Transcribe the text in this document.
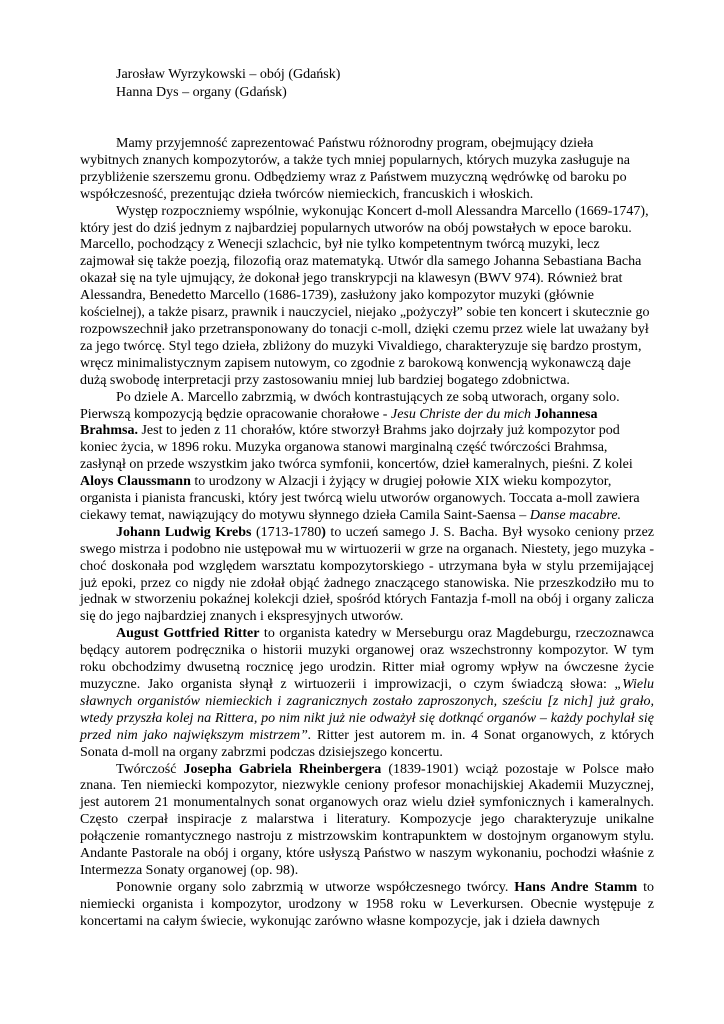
Jarosław Wyrzykowski – obój (Gdańsk)
Hanna Dys – organy (Gdańsk)

Mamy przyjemność zaprezentować Państwu różnorodny program, obejmujący dzieła wybitnych znanych kompozytorów, a także tych mniej popularnych, których muzyka zasługuje na przybliżenie szerszemu gronu. Odbędziemy wraz z Państwem muzyczną wędrówkę od baroku po współczesność, prezentując dzieła twórców niemieckich, francuskich i włoskich.

Występ rozpoczniemy wspólnie, wykonując Koncert d-moll Alessandra Marcello (1669-1747), który jest do dziś jednym z najbardziej popularnych utworów na obój powstałych w epoce baroku. Marcello, pochodzący z Wenecji szlachcic, był nie tylko kompetentnym twórcą muzyki, lecz zajmował się także poezją, filozofią oraz matematyką. Utwór dla samego Johanna Sebastiana Bacha okazał się na tyle ujmujący, że dokonał jego transkrypcji na klawesyn (BWV 974). Również brat Alessandra, Benedetto Marcello (1686-1739), zasłużony jako kompozytor muzyki (głównie kościelnej), a także pisarz, prawnik i nauczyciel, niejako „pożyczył” sobie ten koncert i skutecznie go rozpowszechnił jako przetransponowany do tonacji c-moll, dzięki czemu przez wiele lat uważany był za jego twórcę. Styl tego dzieła, zbliżony do muzyki Vivaldiego, charakteryzuje się bardzo prostym, wręcz minimalistycznym zapisem nutowym, co zgodnie z barokową konwencją wykonawczą daje dużą swobodę interpretacji przy zastosowaniu mniej lub bardziej bogatego zdobnictwa.

Po dziele A. Marcello zabrzmią, w dwóch kontrastujących ze sobą utworach, organy solo. Pierwszą kompozycją będzie opracowanie chorałowe - Jesu Christe der du mich Johannesa Brahmsa. Jest to jeden z 11 chorałów, które stworzył Brahms jako dojrzały już kompozytor pod koniec życia, w 1896 roku. Muzyka organowa stanowi marginalną część twórczości Brahmsa, zasłynął on przede wszystkim jako twórca symfonii, koncertów, dzieł kameralnych, pieśni. Z kolei Aloys Claussmann to urodzony w Alzacji i żyjący w drugiej połowie XIX wieku kompozytor, organista i pianista francuski, który jest twórcą wielu utworów organowych. Toccata a-moll zawiera ciekawy temat, nawiązujący do motywu słynnego dzieła Camila Saint-Saensa – Danse macabre.

Johann Ludwig Krebs (1713-1780) to uczeń samego J. S. Bacha. Był wysoko ceniony przez swego mistrza i podobno nie ustępował mu w wirtuozerii w grze na organach. Niestety, jego muzyka - choć doskonała pod względem warsztatu kompozytorskiego - utrzymana była w stylu przemijającej już epoki, przez co nigdy nie zdołał objąć żadnego znaczącego stanowiska. Nie przeszkodziło mu to jednak w stworzeniu pokaźnej kolekcji dzieł, spośród których Fantazja f-moll na obój i organy zalicza się do jego najbardziej znanych i ekspresyjnych utworów.

August Gottfried Ritter to organista katedry w Merseburgu oraz Magdeburgu, rzeczoznawca będący autorem podręcznika o historii muzyki organowej oraz wszechstronny kompozytor. W tym roku obchodzimy dwusetną rocznicę jego urodzin. Ritter miał ogromy wpływ na ówczesne życie muzyczne. Jako organista słynął z wirtuozerii i improwizacji, o czym świadczą słowa: „Wielu sławnych organistów niemieckich i zagranicznych zostało zaproszonych, sześciu [z nich] już grało, wtedy przyszła kolej na Rittera, po nim nikt już nie odważył się dotknąć organów – każdy pochylał się przed nim jako największym mistrzem”. Ritter jest autorem m. in. 4 Sonat organowych, z których Sonata d-moll na organy zabrzmi podczas dzisiejszego koncertu.

Twórczość Josepha Gabriela Rheinbergera (1839-1901) wciąż pozostaje w Polsce mało znana. Ten niemiecki kompozytor, niezwykle ceniony profesor monachijskiej Akademii Muzycznej, jest autorem 21 monumentalnych sonat organowych oraz wielu dzieł symfonicznych i kameralnych. Często czerpał inspiracje z malarstwa i literatury. Kompozycje jego charakteryzuje unikalne połączenie romantycznego nastroju z mistrzowskim kontrapunktem w dostojnym organowym stylu. Andante Pastorale na obój i organy, które usłyszą Państwo w naszym wykonaniu, pochodzi właśnie z Intermezza Sonaty organowej (op. 98).

Ponownie organy solo zabrzmią w utworze współczesnego twórcy. Hans Andre Stamm to niemiecki organista i kompozytor, urodzony w 1958 roku w Leverkursen. Obecnie występuje z koncertami na całym świecie, wykonując zarówno własne kompozycje, jak i dzieła dawnych
